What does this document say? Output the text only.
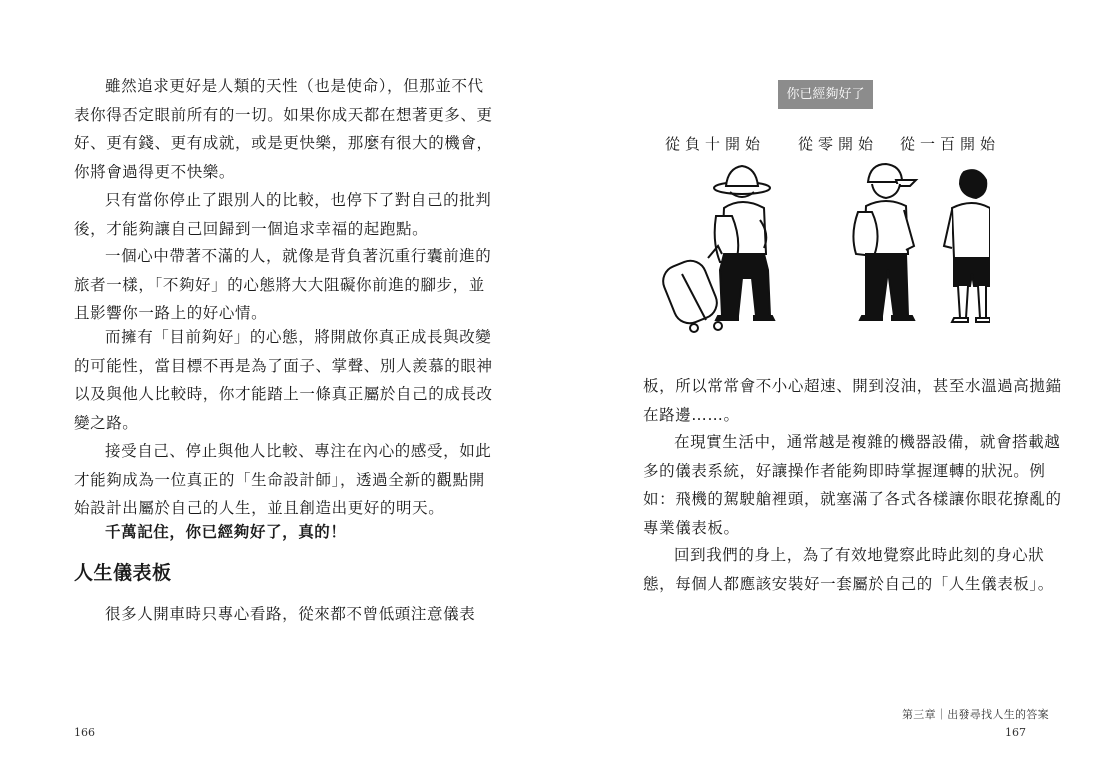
雖然追求更好是人類的天性（也是使命），但那並不代
表你得否定眼前所有的一切。如果你成天都在想著更多、更
好、更有錢、更有成就，或是更快樂，那麼有很大的機會，
你將會過得更不快樂。
只有當你停止了跟別人的比較，也停下了對自己的批判
後，才能夠讓自己回歸到一個追求幸福的起跑點。
一個心中帶著不滿的人，就像是背負著沉重行囊前進的
旅者一樣，「不夠好」的心態將大大阻礙你前進的腳步，並
且影響你一路上的好心情。
而擁有「目前夠好」的心態，將開啟你真正成長與改變
的可能性，當目標不再是為了面子、掌聲、別人羨慕的眼神
以及與他人比較時，你才能踏上一條真正屬於自己的成長改
變之路。
接受自己、停止與他人比較、專注在內心的感受，如此
才能夠成為一位真正的「生命設計師」，透過全新的觀點開
始設計出屬於自己的人生，並且創造出更好的明天。
千萬記住，你已經夠好了，真的！
人生儀表板
很多人開車時只專心看路，從來都不曾低頭注意儀表
166
你已經夠好了
從負十開始 從零開始 從一百開始
板，所以常常會不小心超速、開到沒油，甚至水溫過高拋錨
在路邊……。
在現實生活中，通常越是複雜的機器設備，就會搭載越
多的儀表系統，好讓操作者能夠即時掌握運轉的狀況。例
如：飛機的駕駛艙裡頭，就塞滿了各式各樣讓你眼花撩亂的
專業儀表板。
回到我們的身上，為了有效地覺察此時此刻的身心狀
態，每個人都應該安裝好一套屬於自己的「人生儀表板」。
第三章｜出發尋找人生的答案
167
